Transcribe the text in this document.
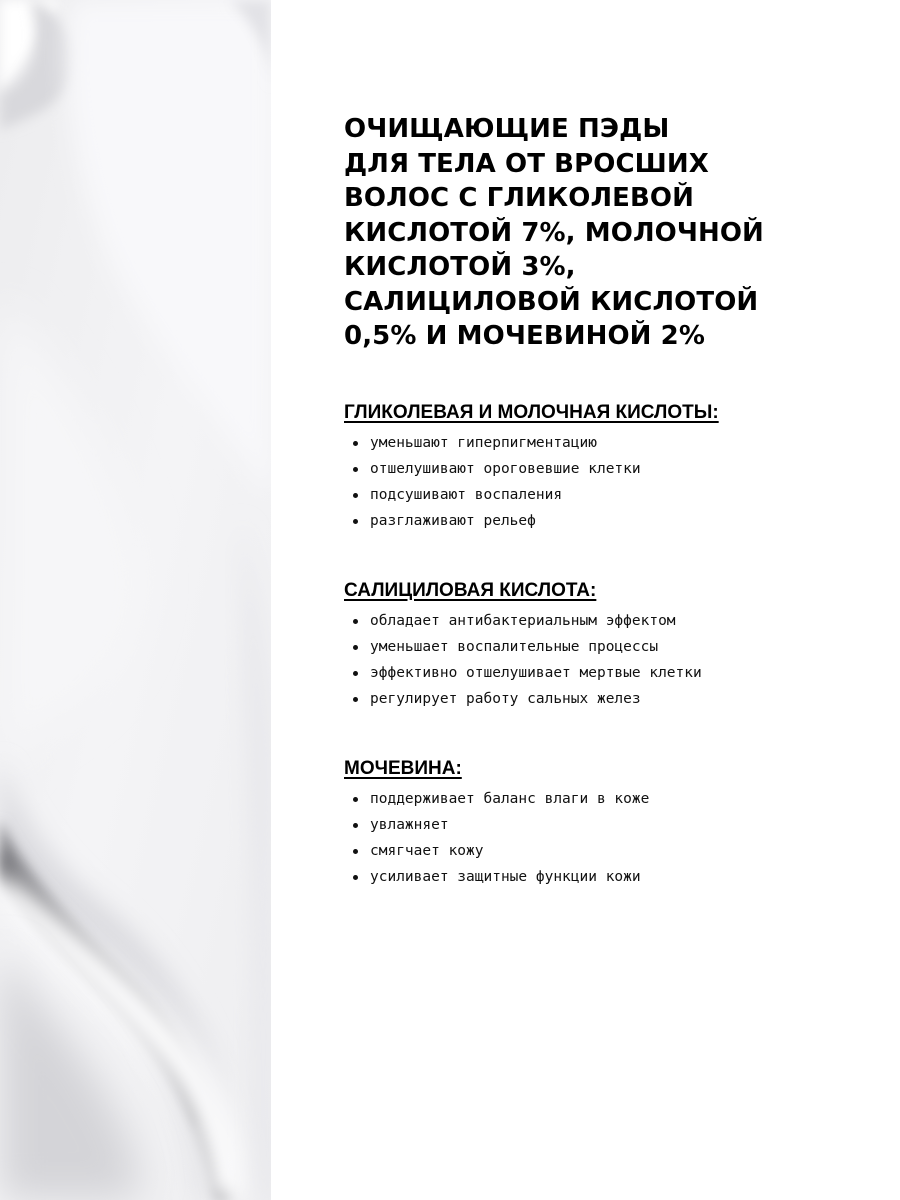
ОЧИЩАЮЩИЕ ПЭДЫ
ДЛЯ ТЕЛА ОТ ВРОСШИХ
ВОЛОС С ГЛИКОЛЕВОЙ
КИСЛОТОЙ 7%, МОЛОЧНОЙ
КИСЛОТОЙ 3%,
САЛИЦИЛОВОЙ КИСЛОТОЙ
0,5% И МОЧЕВИНОЙ 2%
ГЛИКОЛЕВАЯ И МОЛОЧНАЯ КИСЛОТЫ:
уменьшают гиперпигментацию
отшелушивают ороговевшие клетки
подсушивают воспаления
разглаживают рельеф
САЛИЦИЛОВАЯ КИСЛОТА:
обладает антибактериальным эффектом
уменьшает воспалительные процессы
эффективно отшелушивает мертвые клетки
регулирует работу сальных желез
МОЧЕВИНА:
поддерживает баланс влаги в коже
увлажняет
смягчает кожу
усиливает защитные функции кожи
